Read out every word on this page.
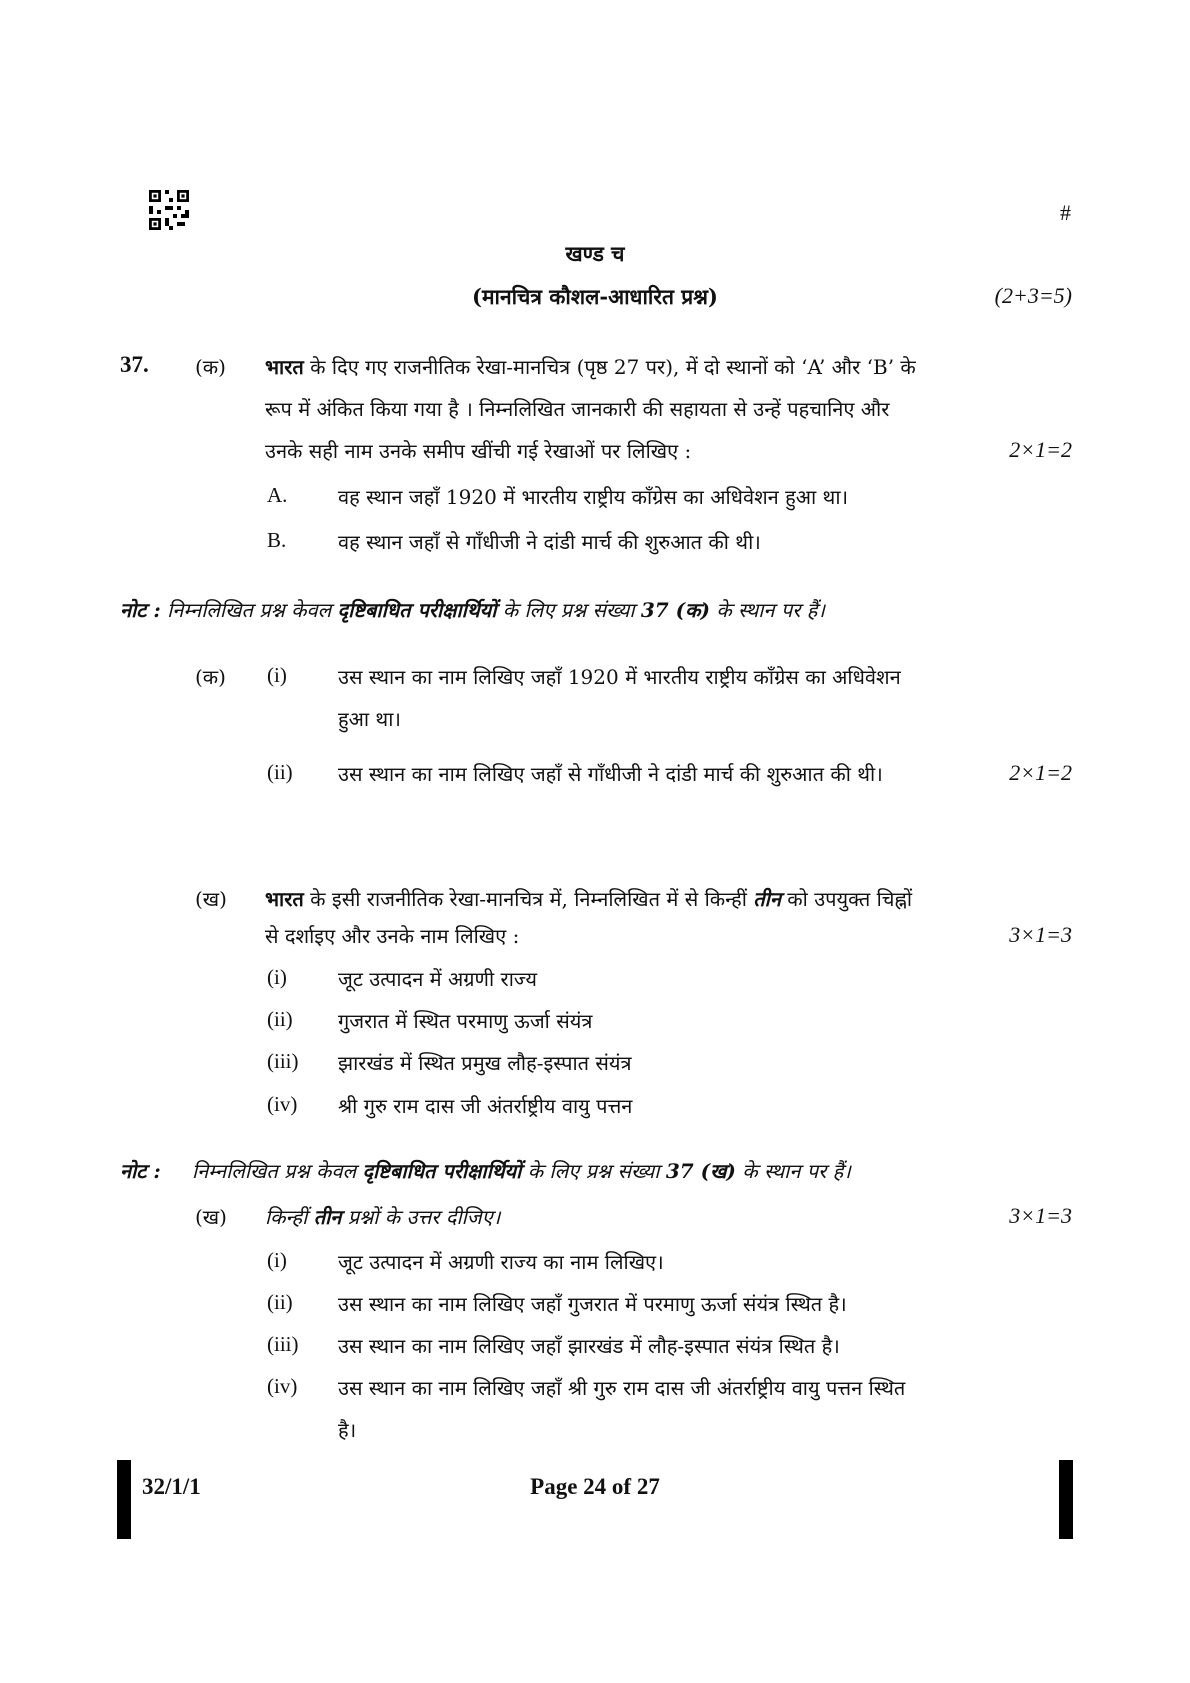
#
खण्ड च
(मानचित्र कौशल-आधारित प्रश्न)	(2+3=5)
37. (क) भारत के दिए गए राजनीतिक रेखा-मानचित्र (पृष्ठ 27 पर), में दो स्थानों को ‘A’ और ‘B’ के
रूप में अंकित किया गया है । निम्नलिखित जानकारी की सहायता से उन्हें पहचानिए और
उनके सही नाम उनके समीप खींची गई रेखाओं पर लिखिए :	2×1=2
A.	वह स्थान जहाँ 1920 में भारतीय राष्ट्रीय काँग्रेस का अधिवेशन हुआ था।
B.	वह स्थान जहाँ से गाँधीजी ने दांडी मार्च की शुरुआत की थी।
नोट : निम्नलिखित प्रश्न केवल दृष्टिबाधित परीक्षार्थियों के लिए प्रश्न संख्या 37 (क) के स्थान पर हैं।
(क) (i)	उस स्थान का नाम लिखिए जहाँ 1920 में भारतीय राष्ट्रीय काँग्रेस का अधिवेशन
हुआ था।
(ii) उस स्थान का नाम लिखिए जहाँ से गाँधीजी ने दांडी मार्च की शुरुआत की थी।	2×1=2
(ख) भारत के इसी राजनीतिक रेखा-मानचित्र में, निम्नलिखित में से किन्हीं तीन को उपयुक्त चिह्नों
से दर्शाइए और उनके नाम लिखिए :	3×1=3
(i)	जूट उत्पादन में अग्रणी राज्य
(ii) गुजरात में स्थित परमाणु ऊर्जा संयंत्र
(iii) झारखंड में स्थित प्रमुख लौह-इस्पात संयंत्र
(iv) श्री गुरु राम दास जी अंतर्राष्ट्रीय वायु पत्तन
नोट : निम्नलिखित प्रश्न केवल दृष्टिबाधित परीक्षार्थियों के लिए प्रश्न संख्या 37 (ख) के स्थान पर हैं।
(ख) किन्हीं तीन प्रश्नों के उत्तर दीजिए।	3×1=3
(i)	जूट उत्पादन में अग्रणी राज्य का नाम लिखिए।
(ii) उस स्थान का नाम लिखिए जहाँ गुजरात में परमाणु ऊर्जा संयंत्र स्थित है।
(iii) उस स्थान का नाम लिखिए जहाँ झारखंड में लौह-इस्पात संयंत्र स्थित है।
(iv) उस स्थान का नाम लिखिए जहाँ श्री गुरु राम दास जी अंतर्राष्ट्रीय वायु पत्तन स्थित
है।
32/1/1	Page 24 of 27
